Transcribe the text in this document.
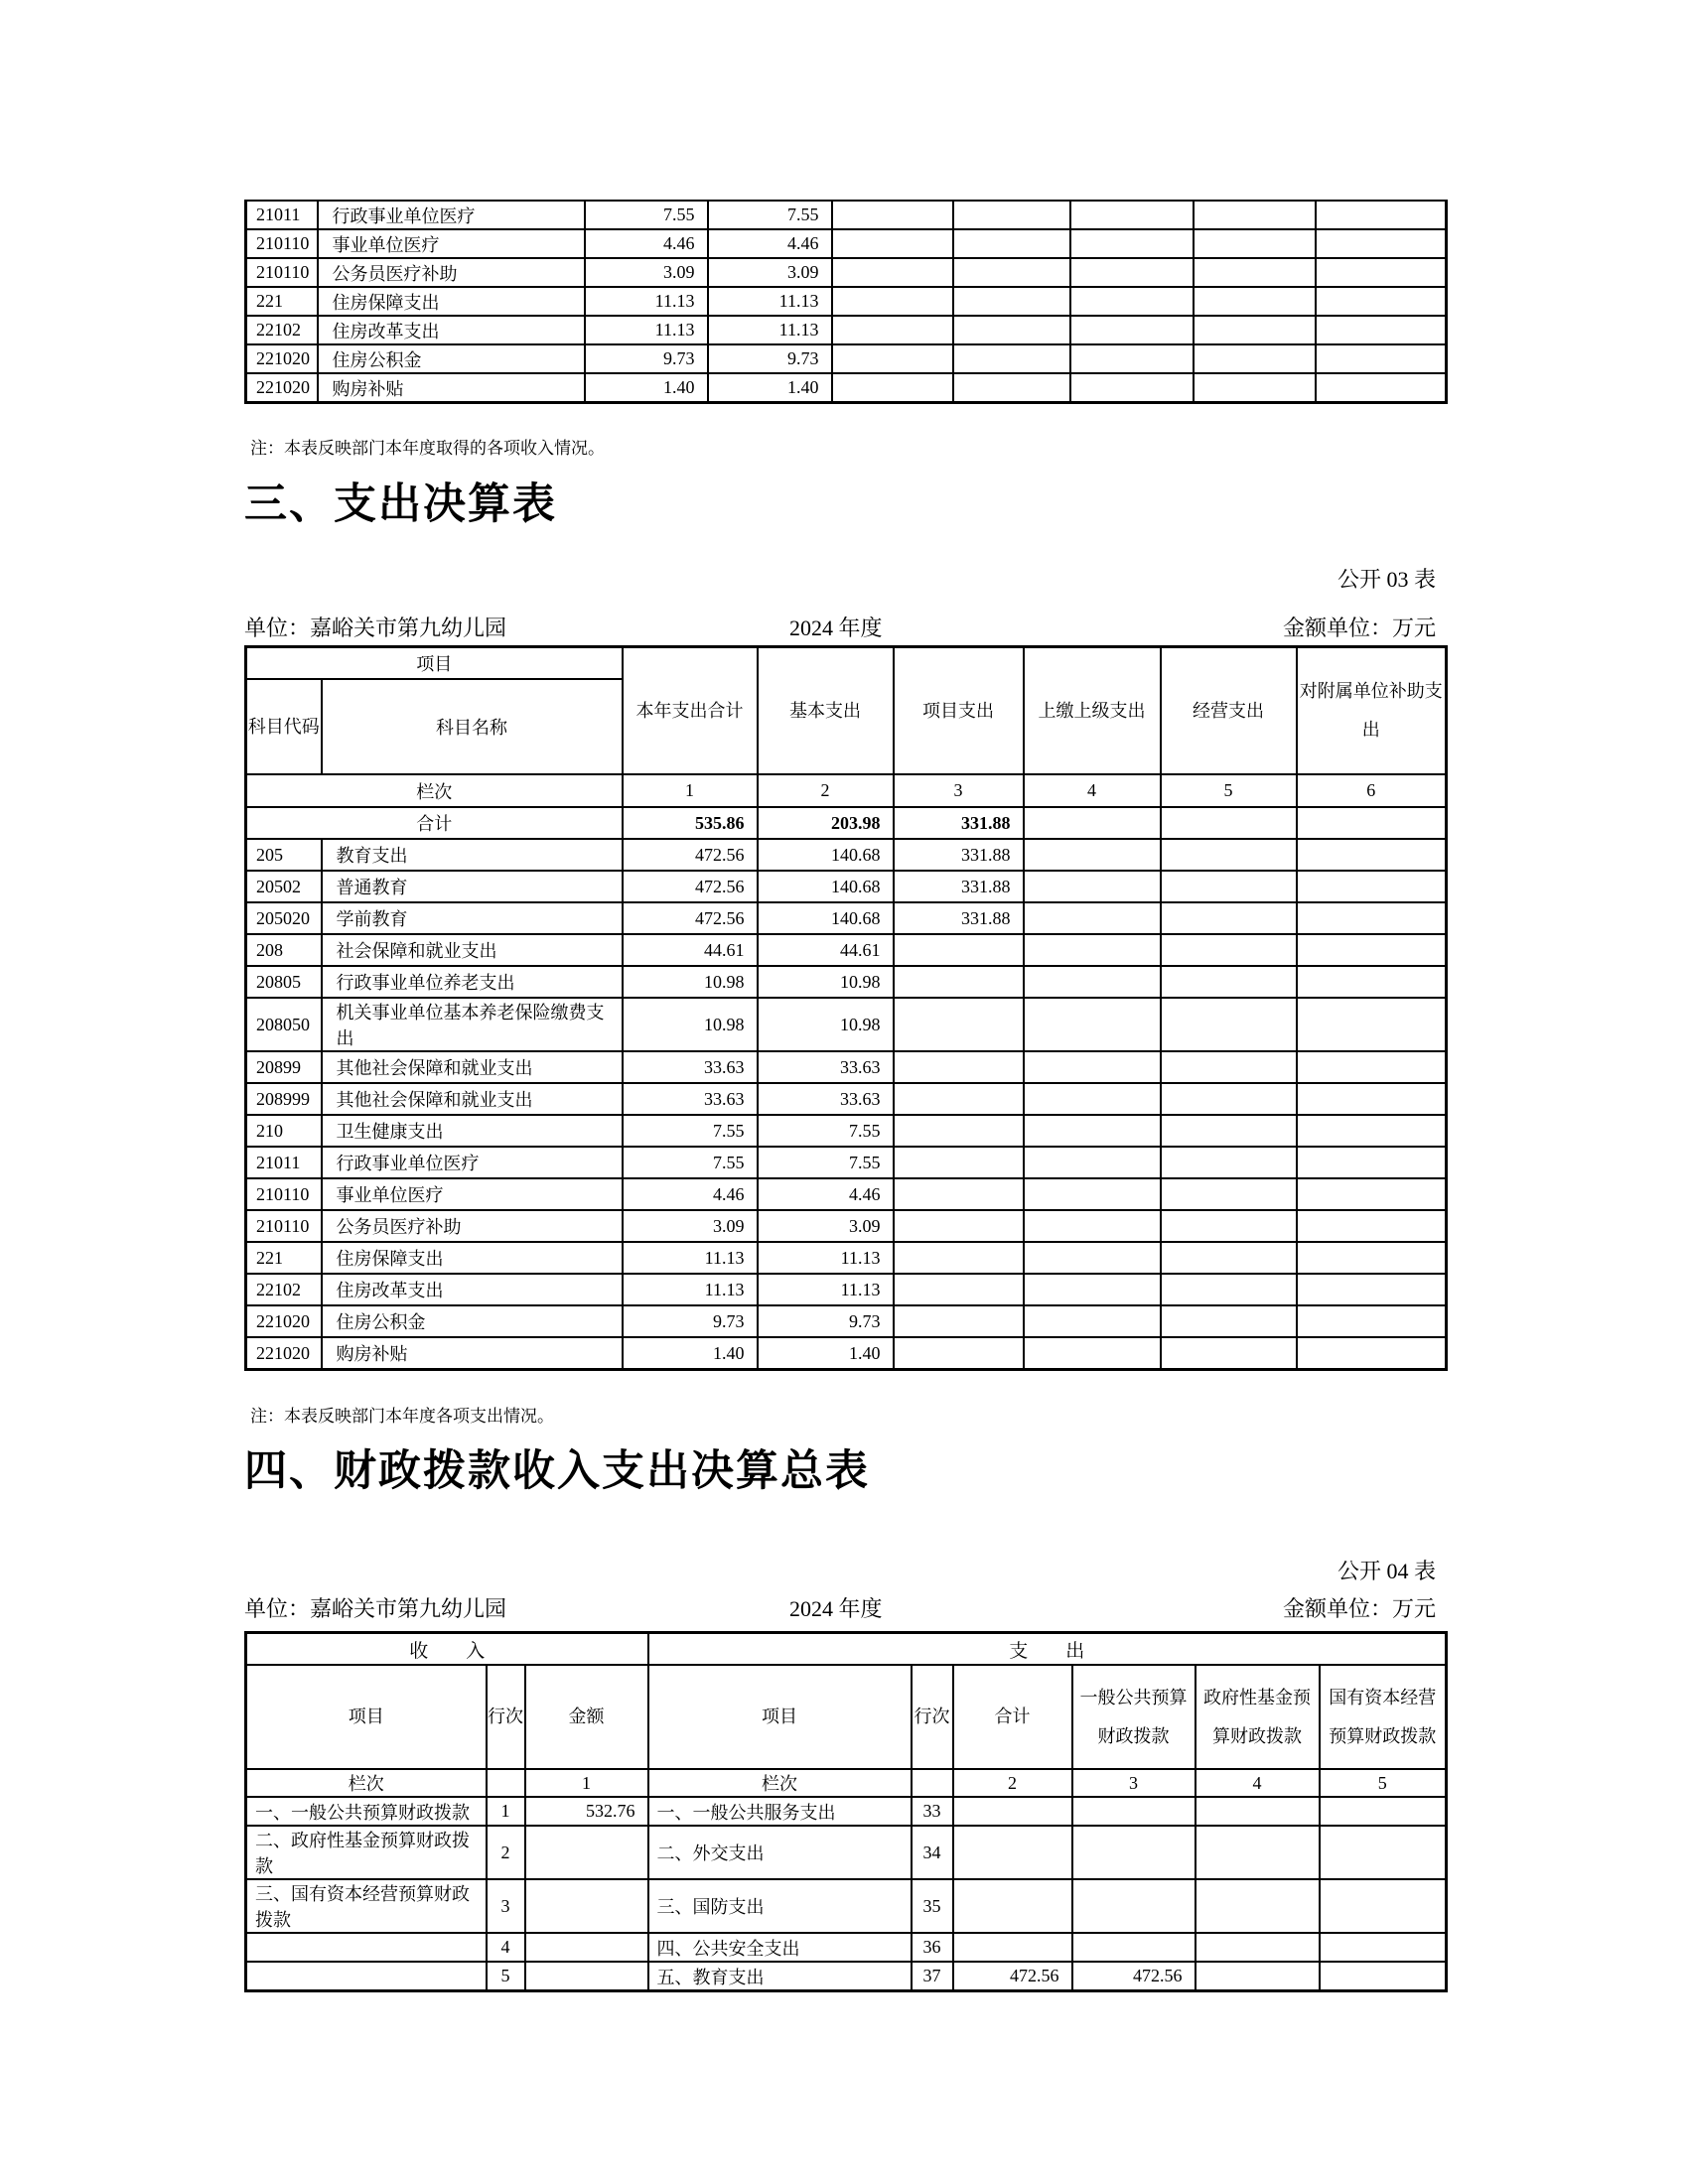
21011	行政事业单位医疗	7.55	7.55					
210110	事业单位医疗	4.46	4.46					
210110	公务员医疗补助	3.09	3.09					
221	住房保障支出	11.13	11.13					
22102	住房改革支出	11.13	11.13					
221020	住房公积金	9.73	9.73					
221020	购房补贴	1.40	1.40					

注：本表反映部门本年度取得的各项收入情况。

三、支出决算表
公开 03 表
单位：嘉峪关市第九幼儿园	2024 年度	金额单位：万元
项目		本年支出合计	基本支出	项目支出	上缴上级支出	经营支出	对附属单位补助支出
科目代码	科目名称						
栏次		1	2	3	4	5	6
合计		535.86	203.98	331.88			
205	教育支出	472.56	140.68	331.88			
20502	普通教育	472.56	140.68	331.88			
205020	学前教育	472.56	140.68	331.88			
208	社会保障和就业支出	44.61	44.61				
20805	行政事业单位养老支出	10.98	10.98				
208050	机关事业单位基本养老保险缴费支出	10.98	10.98				
20899	其他社会保障和就业支出	33.63	33.63				
208999	其他社会保障和就业支出	33.63	33.63				
210	卫生健康支出	7.55	7.55				
21011	行政事业单位医疗	7.55	7.55				
210110	事业单位医疗	4.46	4.46				
210110	公务员医疗补助	3.09	3.09				
221	住房保障支出	11.13	11.13				
22102	住房改革支出	11.13	11.13				
221020	住房公积金	9.73	9.73				
221020	购房补贴	1.40	1.40				

注：本表反映部门本年度各项支出情况。

四、财政拨款收入支出决算总表
公开 04 表
单位：嘉峪关市第九幼儿园	2024 年度	金额单位：万元
收　　入			支　　出					
项目	行次	金额	项目	行次	合计	一般公共预算财政拨款	政府性基金预算财政拨款	国有资本经营预算财政拨款
栏次		1	栏次		2	3	4	5
一、一般公共预算财政拨款	1	532.76	一、一般公共服务支出	33				
二、政府性基金预算财政拨款	2		二、外交支出	34				
三、国有资本经营预算财政拨款	3		三、国防支出	35				
	4		四、公共安全支出	36				
	5		五、教育支出	37	472.56	472.56		
